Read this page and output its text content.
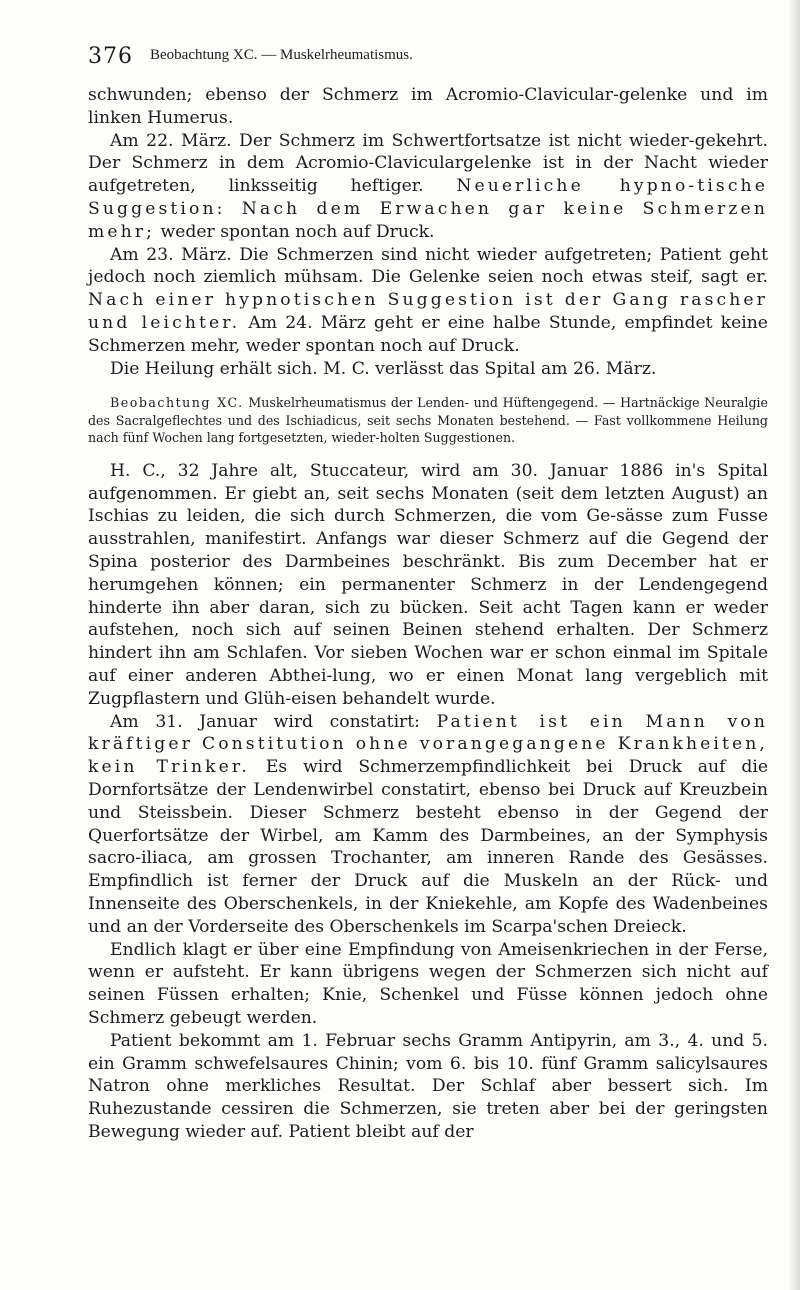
376 Beobachtung XC. — Muskelrheumatismus.

schwunden; ebenso der Schmerz im Acromio-Clavicular-gelenke und im linken Humerus.

Am 22. März. Der Schmerz im Schwertfortsatze ist nicht wieder-gekehrt. Der Schmerz in dem Acromio-Claviculargelenke ist in der Nacht wieder aufgetreten, linksseitig heftiger. Neuerliche hypno-tische Suggestion: Nach dem Erwachen gar keine Schmerzen mehr; weder spontan noch auf Druck.

Am 23. März. Die Schmerzen sind nicht wieder aufgetreten; Patient geht jedoch noch ziemlich mühsam. Die Gelenke seien noch etwas steif, sagt er. Nach einer hypnotischen Suggestion ist der Gang rascher und leichter. Am 24. März geht er eine halbe Stunde, empfindet keine Schmerzen mehr, weder spontan noch auf Druck.

Die Heilung erhält sich. M. C. verlässt das Spital am 26. März.

Beobachtung XC. Muskelrheumatismus der Lenden- und Hüftengegend. — Hartnäckige Neuralgie des Sacralgeflechtes und des Ischiadicus, seit sechs Monaten bestehend. — Fast vollkommene Heilung nach fünf Wochen lang fortgesetzten, wieder-holten Suggestionen.

H. C., 32 Jahre alt, Stuccateur, wird am 30. Januar 1886 in's Spital aufgenommen. Er giebt an, seit sechs Monaten (seit dem letzten August) an Ischias zu leiden, die sich durch Schmerzen, die vom Ge-sässe zum Fusse ausstrahlen, manifestirt. Anfangs war dieser Schmerz auf die Gegend der Spina posterior des Darmbeines beschränkt. Bis zum December hat er herumgehen können; ein permanenter Schmerz in der Lendengegend hinderte ihn aber daran, sich zu bücken. Seit acht Tagen kann er weder aufstehen, noch sich auf seinen Beinen stehend erhalten. Der Schmerz hindert ihn am Schlafen. Vor sieben Wochen war er schon einmal im Spitale auf einer anderen Abthei-lung, wo er einen Monat lang vergeblich mit Zugpflastern und Glüh-eisen behandelt wurde.

Am 31. Januar wird constatirt: Patient ist ein Mann von kräftiger Constitution ohne vorangegangene Krankheiten, kein Trinker. Es wird Schmerzempfindlichkeit bei Druck auf die Dornfortsätze der Lendenwirbel constatirt, ebenso bei Druck auf Kreuzbein und Steissbein. Dieser Schmerz besteht ebenso in der Gegend der Querfortsätze der Wirbel, am Kamm des Darmbeines, an der Symphysis sacro-iliaca, am grossen Trochanter, am inneren Rande des Gesässes. Empfindlich ist ferner der Druck auf die Muskeln an der Rück- und Innenseite des Oberschenkels, in der Kniekehle, am Kopfe des Wadenbeines und an der Vorderseite des Oberschenkels im Scarpa'schen Dreieck.

Endlich klagt er über eine Empfindung von Ameisenkriechen in der Ferse, wenn er aufsteht. Er kann übrigens wegen der Schmerzen sich nicht auf seinen Füssen erhalten; Knie, Schenkel und Füsse können jedoch ohne Schmerz gebeugt werden.

Patient bekommt am 1. Februar sechs Gramm Antipyrin, am 3., 4. und 5. ein Gramm schwefelsaures Chinin; vom 6. bis 10. fünf Gramm salicylsaures Natron ohne merkliches Resultat. Der Schlaf aber bessert sich. Im Ruhezustande cessiren die Schmerzen, sie treten aber bei der geringsten Bewegung wieder auf. Patient bleibt auf der
